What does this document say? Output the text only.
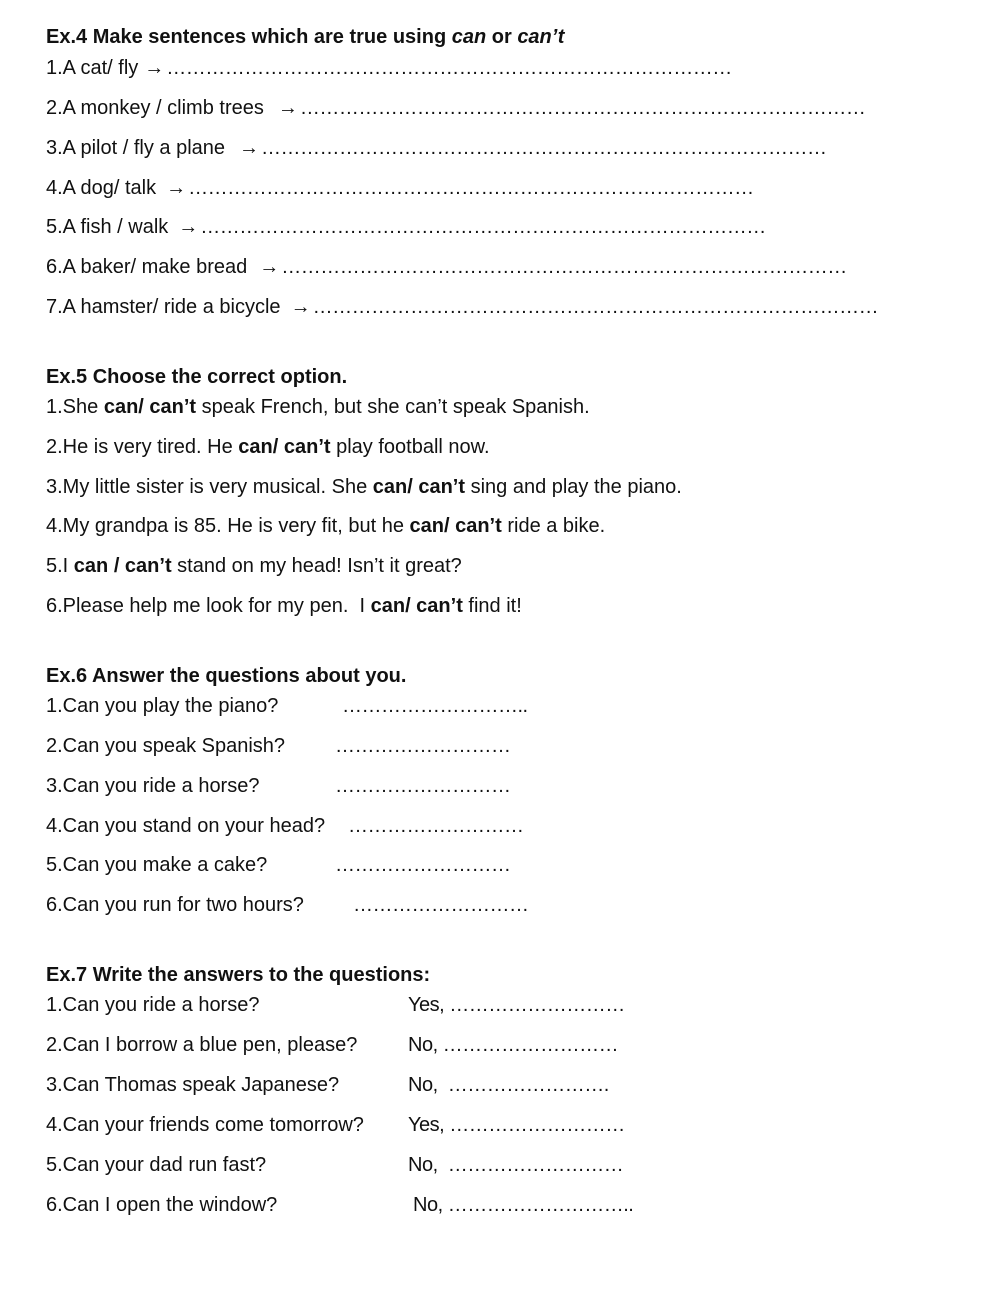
Ex.4 Make sentences which are true using can or can’t
1.A cat/ fly → ……………………………………………………………………………
2.A monkey / climb trees → ……………………………………………………………………………
3.A pilot / fly a plane → ……………………………………………………………………………
4.A dog/ talk → ……………………………………………………………………………
5.A fish / walk → ……………………………………………………………………………
6.A baker/ make bread → ……………………………………………………………………………
7.A hamster/ ride a bicycle → ……………………………………………………………………………
Ex.5 Choose the correct option.
1.She can/ can’t speak French, but she can’t speak Spanish.
2.He is very tired. He can/ can’t play football now.
3.My little sister is very musical. She can/ can’t sing and play the piano.
4.My grandpa is 85. He is very fit, but he can/ can’t ride a bike.
5.I can / can’t stand on my head! Isn’t it great?
6.Please help me look for my pen.  I can/ can’t find it!
Ex.6 Answer the questions about you.
1.Can you play the piano?	………………………..
2.Can you speak Spanish? ………………………
3.Can you ride a horse?	………………………
4.Can you stand on your head? ………………………
5.Can you make a cake?	………………………
6.Can you run for two hours? ………………………
Ex.7 Write the answers to the questions:
1.Can you ride a horse?	Yes, ………………………
2.Can I borrow a blue pen, please?	No, ………………………
3.Can Thomas speak Japanese?	No,  …………………….
4.Can your friends come tomorrow? Yes, ………………………
5.Can your dad run fast?	No,  ………………………
6.Can I open the window?	No, ………………………..
